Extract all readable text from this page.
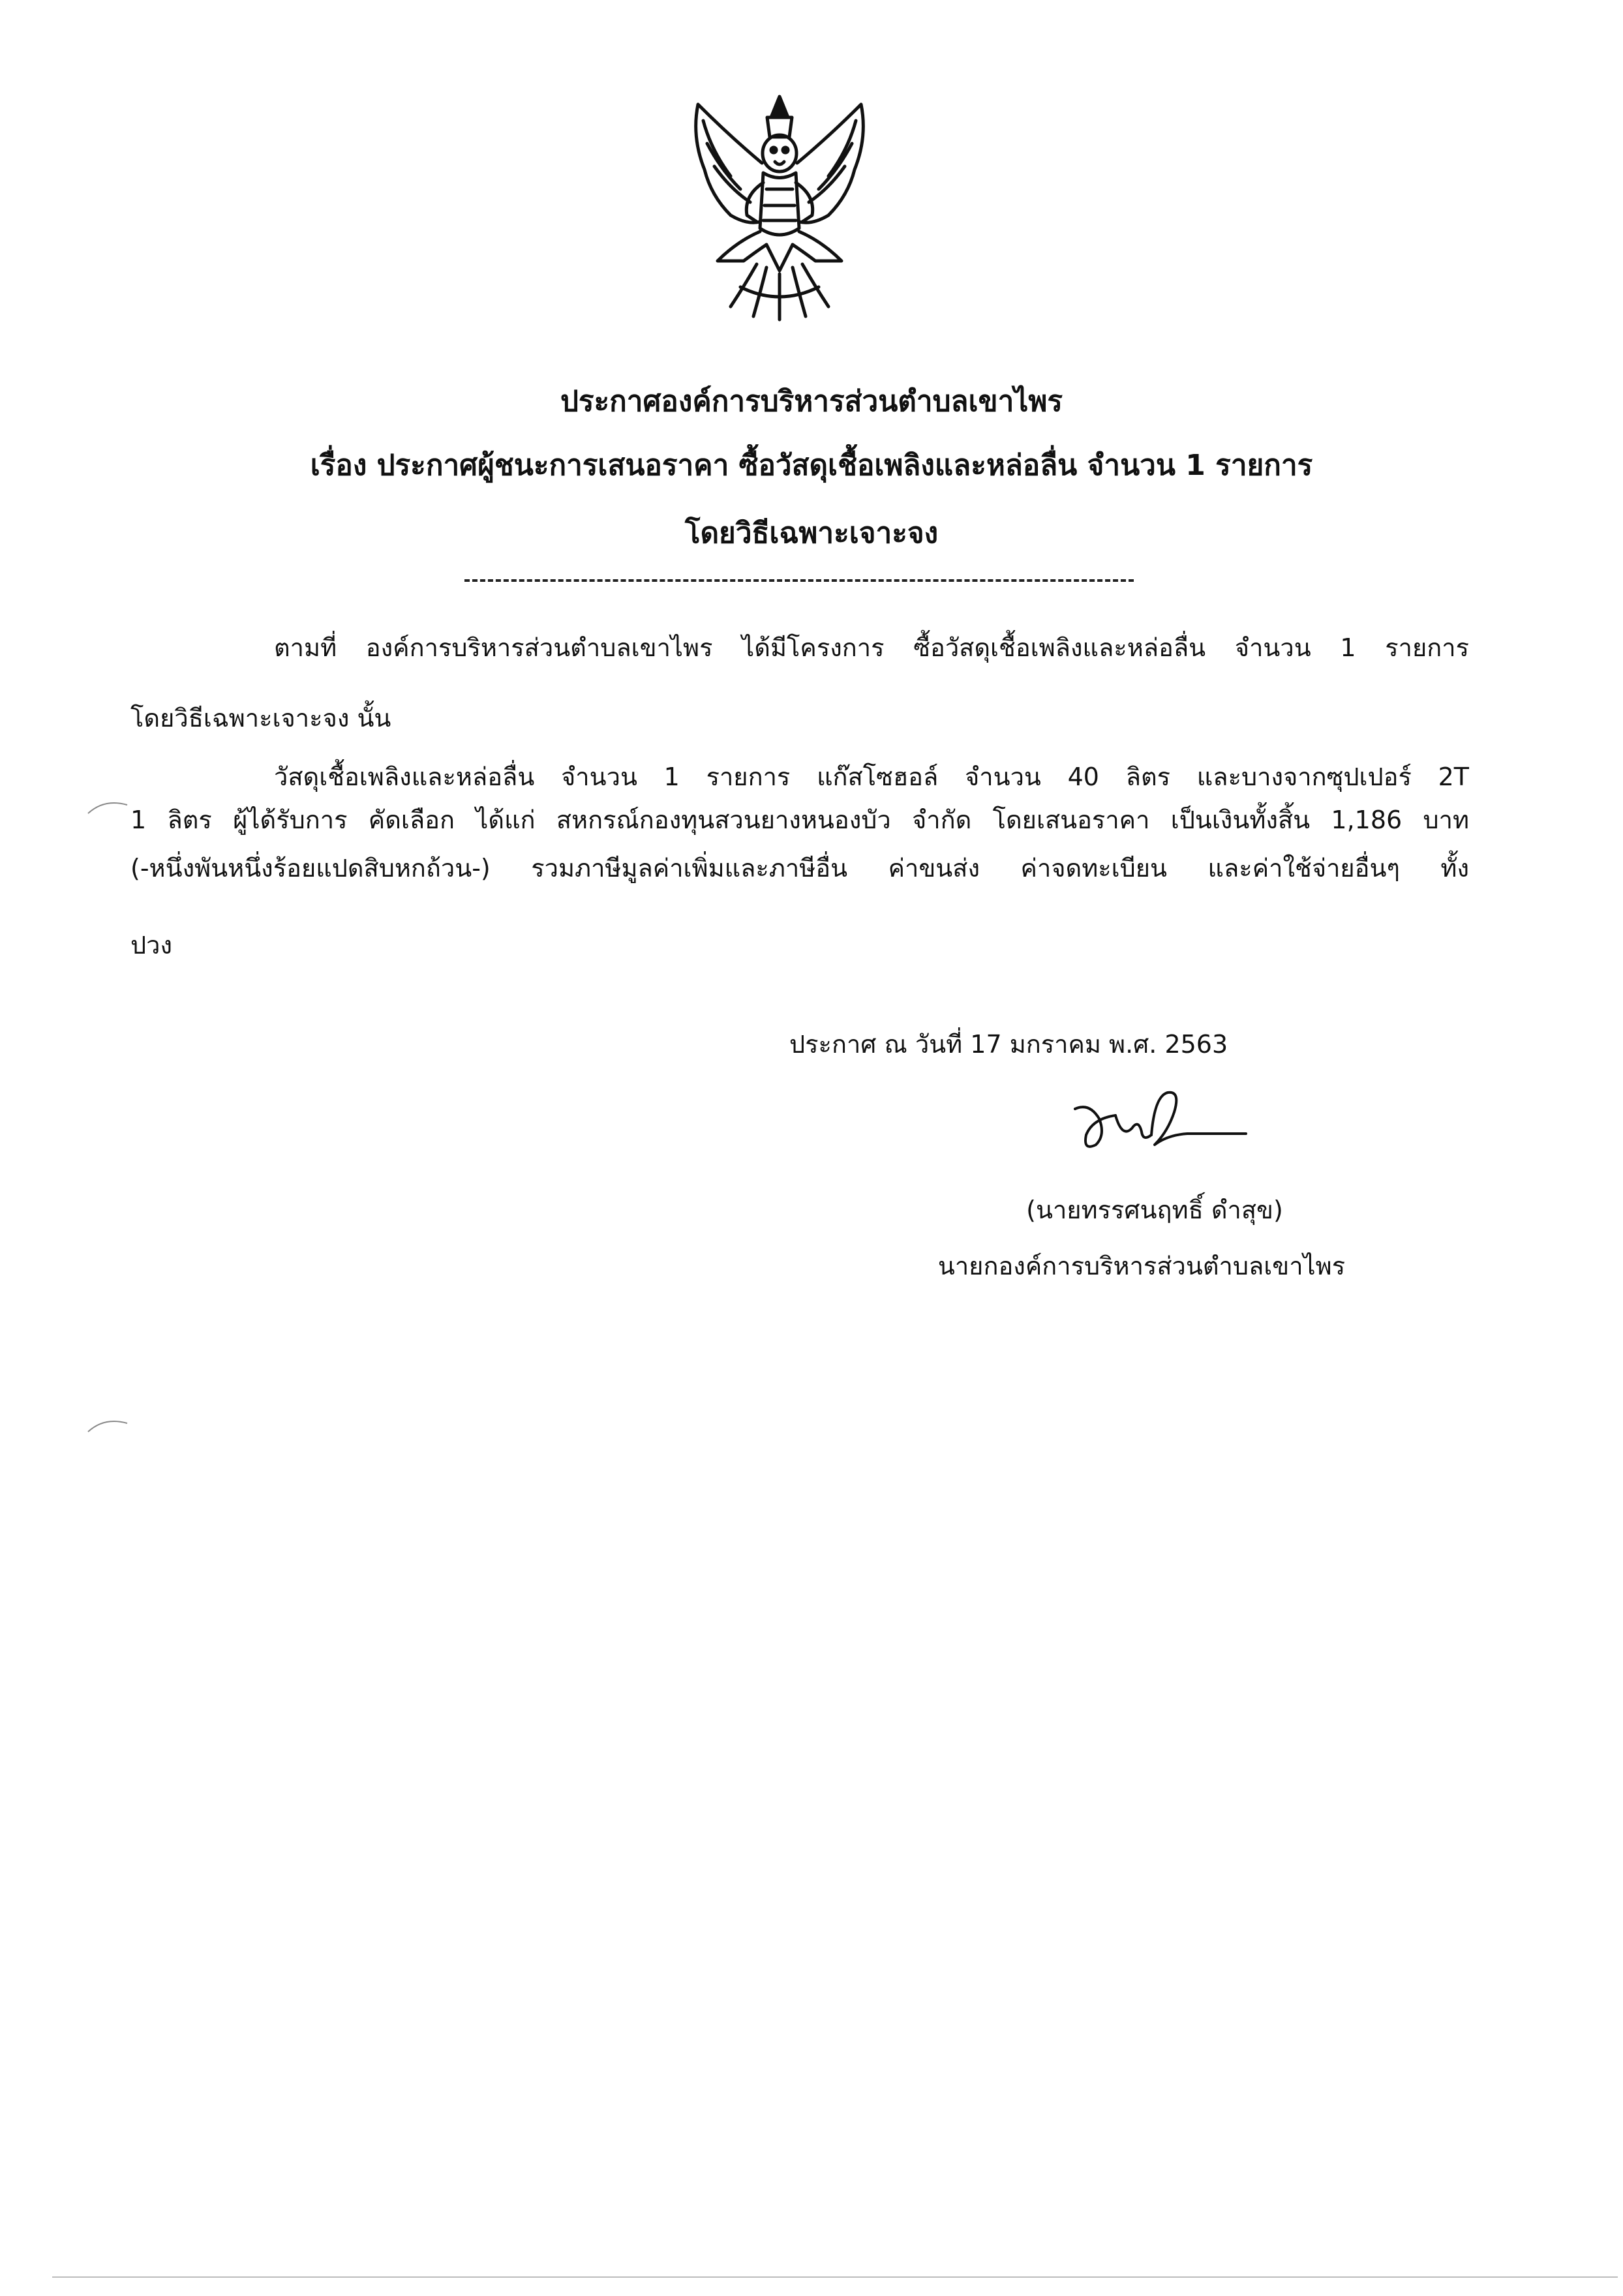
ประกาศองค์การบริหารส่วนตำบลเขาไพร
เรื่อง ประกาศผู้ชนะการเสนอราคา ซื้อวัสดุเชื้อเพลิงและหล่อลื่น จำนวน 1 รายการ
โดยวิธีเฉพาะเจาะจง
ตามที่ องค์การบริหารส่วนตำบลเขาไพร ได้มีโครงการ ซื้อวัสดุเชื้อเพลิงและหล่อลื่น จำนวน 1 รายการ
โดยวิธีเฉพาะเจาะจง นั้น
วัสดุเชื้อเพลิงและหล่อลื่น จำนวน 1 รายการ แก๊สโซฮอล์ จำนวน 40 ลิตร และบางจากซุปเปอร์ 2T
1 ลิตร ผู้ได้รับการ คัดเลือก ได้แก่ สหกรณ์กองทุนสวนยางหนองบัว จำกัด โดยเสนอราคา เป็นเงินทั้งสิ้น 1,186 บาท
(-หนึ่งพันหนึ่งร้อยแปดสิบหกถ้วน-) รวมภาษีมูลค่าเพิ่มและภาษีอื่น ค่าขนส่ง ค่าจดทะเบียน และค่าใช้จ่ายอื่นๆ ทั้ง
ปวง
ประกาศ ณ วันที่ 17 มกราคม พ.ศ. 2563
(นายทรรศนฤทธิ์ ดำสุข)
นายกองค์การบริหารส่วนตำบลเขาไพร
